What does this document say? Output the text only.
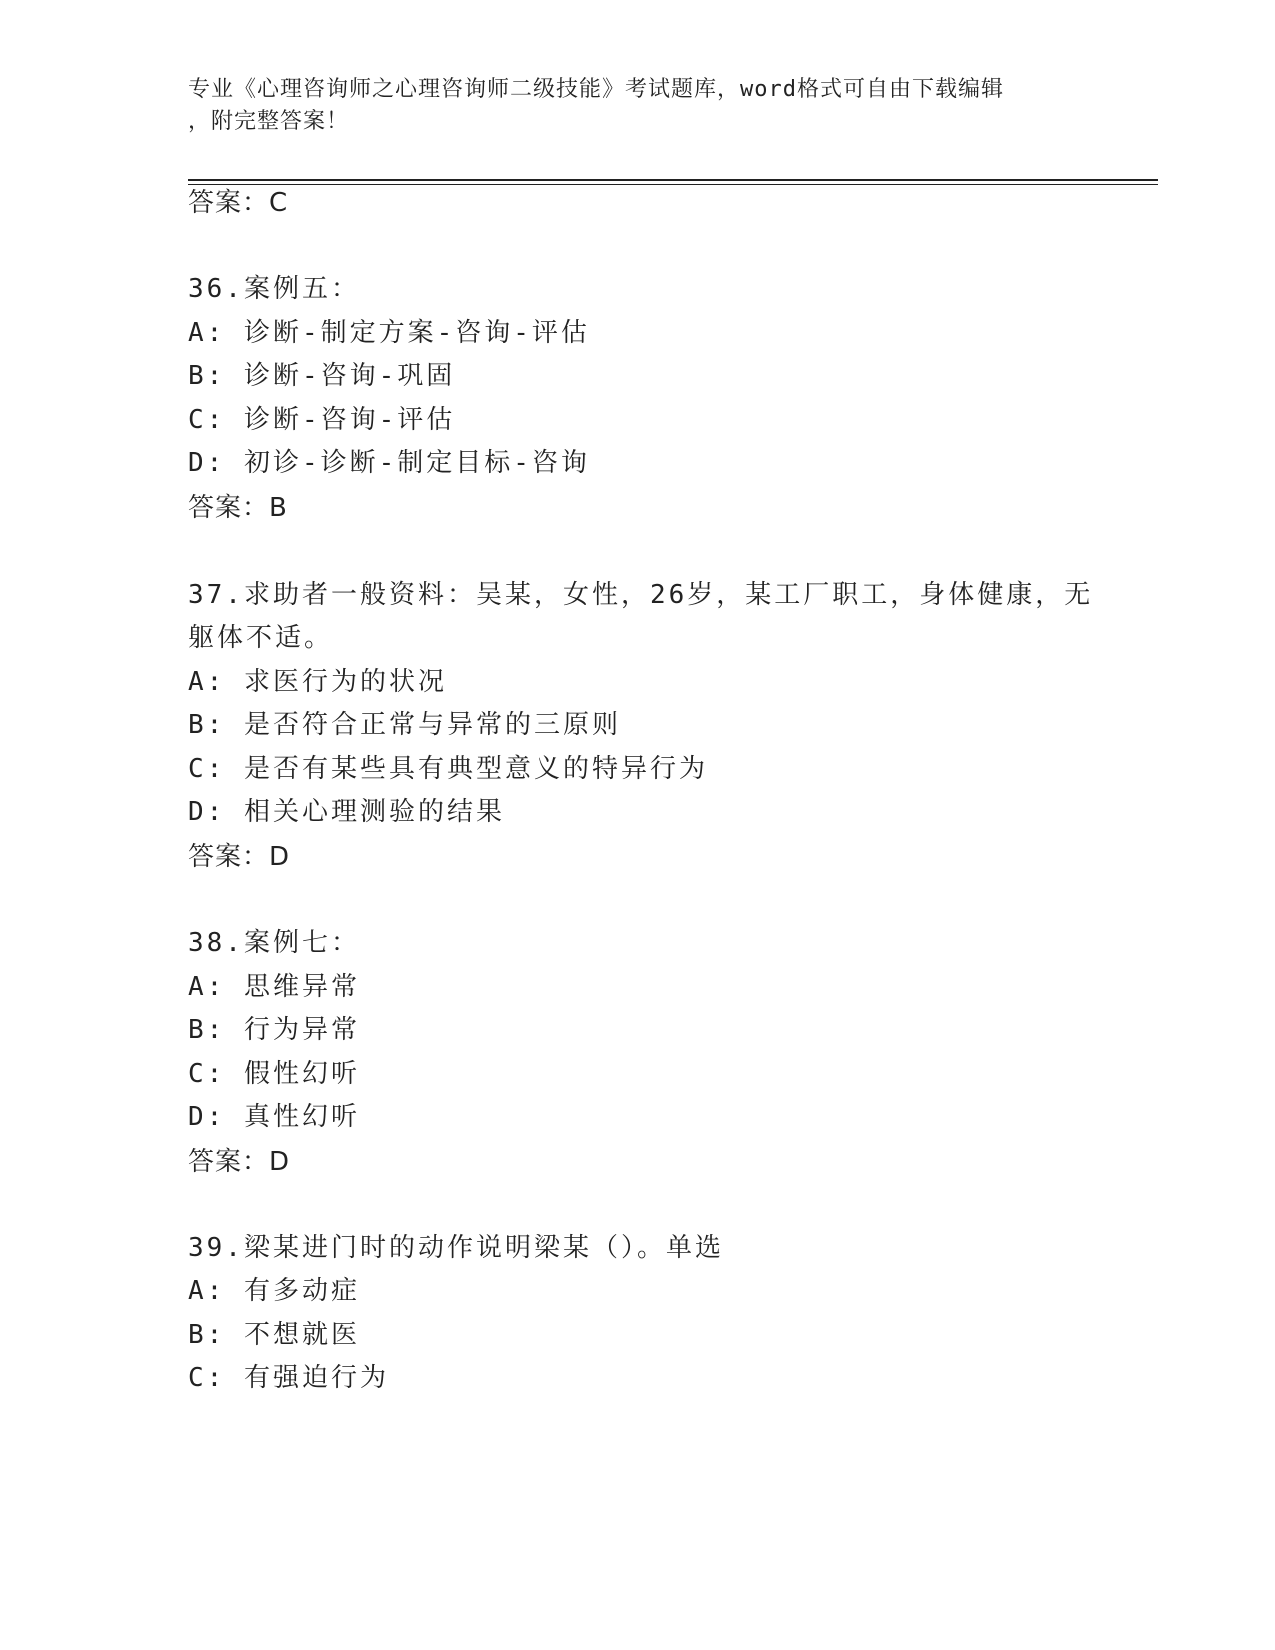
专业《心理咨询师之心理咨询师二级技能》考试题库，word格式可自由下载编辑
，附完整答案！
答案：C
36.案例五：
A: 诊断-制定方案-咨询-评估
B: 诊断-咨询-巩固
C: 诊断-咨询-评估
D: 初诊-诊断-制定目标-咨询
答案：B
37.求助者一般资料：吴某，女性，26岁，某工厂职工，身体健康，无
躯体不适。
A: 求医行为的状况
B: 是否符合正常与异常的三原则
C: 是否有某些具有典型意义的特异行为
D: 相关心理测验的结果
答案：D
38.案例七：
A: 思维异常
B: 行为异常
C: 假性幻听
D: 真性幻听
答案：D
39.梁某进门时的动作说明梁某（）。单选
A: 有多动症
B: 不想就医
C: 有强迫行为
